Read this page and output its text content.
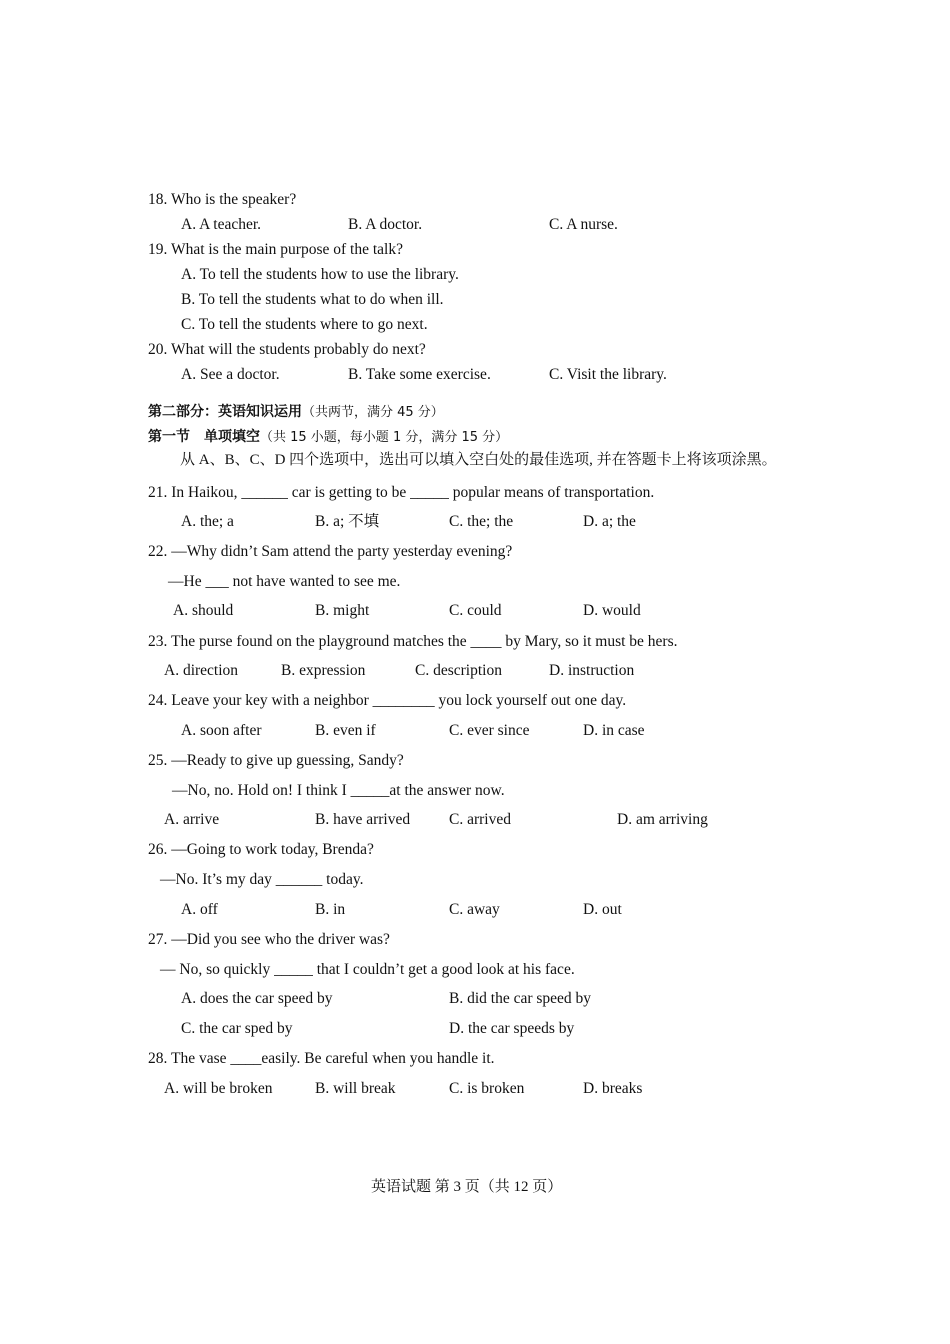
18. Who is the speaker?
A. A teacher.	B. A doctor.	C. A nurse.
19. What is the main purpose of the talk?
A. To tell the students how to use the library.
B. To tell the students what to do when ill.
C. To tell the students where to go next.
20. What will the students probably do next?
A. See a doctor.	B. Take some exercise.	C. Visit the library.
第二部分：英语知识运用（共两节，满分 45 分）
第一节　单项填空（共 15 小题，每小题 1 分，满分 15 分）
从 A、B、C、D 四个选项中，选出可以填入空白处的最佳选项, 并在答题卡上将该项涂黑。
21. In Haikou, ______ car is getting to be _____ popular means of transportation.
A. the; a	B. a; 不填	C. the; the	D. a; the
22. —Why didn’t Sam attend the party yesterday evening?
—He ___ not have wanted to see me.
A. should	B. might	C. could	D. would
23. The purse found on the playground matches the ____ by Mary, so it must be hers.
A. direction	B. expression	C. description	D. instruction
24. Leave your key with a neighbor ________ you lock yourself out one day.
A. soon after	B. even if	C. ever since	D. in case
25. —Ready to give up guessing, Sandy?
—No, no. Hold on! I think I _____at the answer now.
A. arrive	B. have arrived	C. arrived	D. am arriving
26. —Going to work today, Brenda?
—No. It’s my day ______ today.
A. off	B. in	C. away	D. out
27. —Did you see who the driver was?
— No, so quickly _____ that I couldn’t get a good look at his face.
A. does the car speed by	B. did the car speed by
C. the car sped by	D. the car speeds by
28. The vase ____easily. Be careful when you handle it.
A. will be broken	B. will break	C. is broken	D. breaks
英语试题 第 3 页（共 12 页）
